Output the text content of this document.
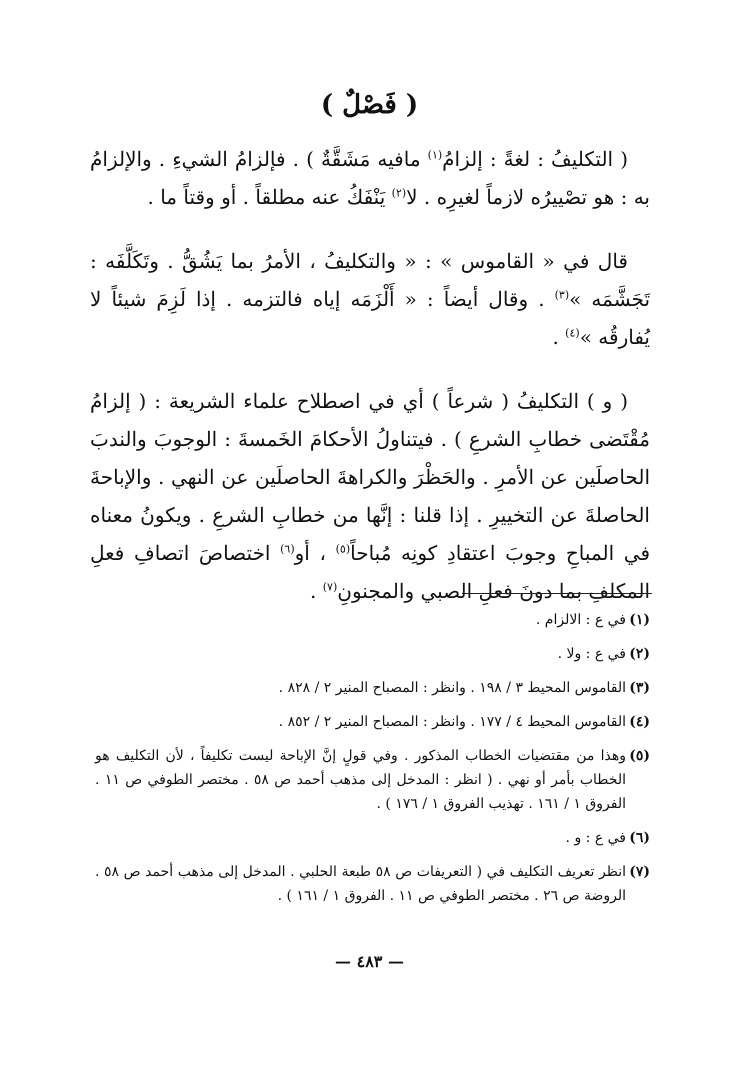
( فَصْلٌ )

( التكليفُ : لغةً : إلزامُ$^{(١)}$ مافيه مَشَقَّةٌ ) . فإلزامُ الشيءِ . والإلزامُ به : هو تصْييرُه لازماً لغيرِه . لا$^{(٢)}$ يَنْفَكُ عنه مطلقاً . أو وقتاً ما .

قال في « القاموس » : « والتكليفُ ، الأمرُ بما يَشُقُّ . وتَكَلَّفَه : تَجَشَّمَه »$^{(٣)}$ . وقال أيضاً : « أَلْزَمَه إياه فالتزمه . إذا لَزِمَ شيئاً لا يُفارقُه »$^{(٤)}$ .

( و ) التكليفُ ( شرعاً ) أي في اصطلاح علماء الشريعة : ( إلزامُ مُقْتَضى خطابِ الشرعِ ) . فيتناولُ الأحكامَ الخَمسةَ : الوجوبَ والندبَ الحاصلَين عن الأمرِ . والحَظْرَ والكراهةَ الحاصلَين عن النهي . والإباحةَ الحاصلةَ عن التخييرِ . إذا قلنا : إنَّها من خطابِ الشرعِ . ويكونُ معناه في المباحِ وجوبَ اعتقادِ كونِه مُباحاً$^{(٥)}$ ، أو$^{(٦)}$ اختصاصَ اتصافِ فعلِ المكلفِ بما دونَ فعلِ الصبي والمجنونِ$^{(٧)}$ .

(١)في ع : الالزام .
(٢)في ع : ولا .
(٣)القاموس المحيط ٣ / ١٩٨ . وانظر : المصباح المنير ٢ / ٨٢٨ .
(٤)القاموس المحيط ٤ / ١٧٧ . وانظر : المصباح المنير ٢ / ٨٥٢ .
(٥)وهذا من مقتضيات الخطاب المذكور . وفي قولٍ إنَّ الإباحة ليست تكليفاً ، لأن التكليف هو الخطاب بأمر أو نهي . ( انظر : المدخل إلى مذهب أحمد ص ٥٨ . مختصر الطوفي ص ١١ . الفروق ١ / ١٦١ . تهذيب الفروق ١ / ١٧٦ ) .
(٦)في ع : و .
(٧)انظر تعريف التكليف في ( التعريفات ص ٥٨ طبعة الحلبي . المدخل إلى مذهب أحمد ص ٥٨ . الروضة ص ٢٦ . مختصر الطوفي ص ١١ . الفروق ١ / ١٦١ ) .
— ٤٨٣ —
